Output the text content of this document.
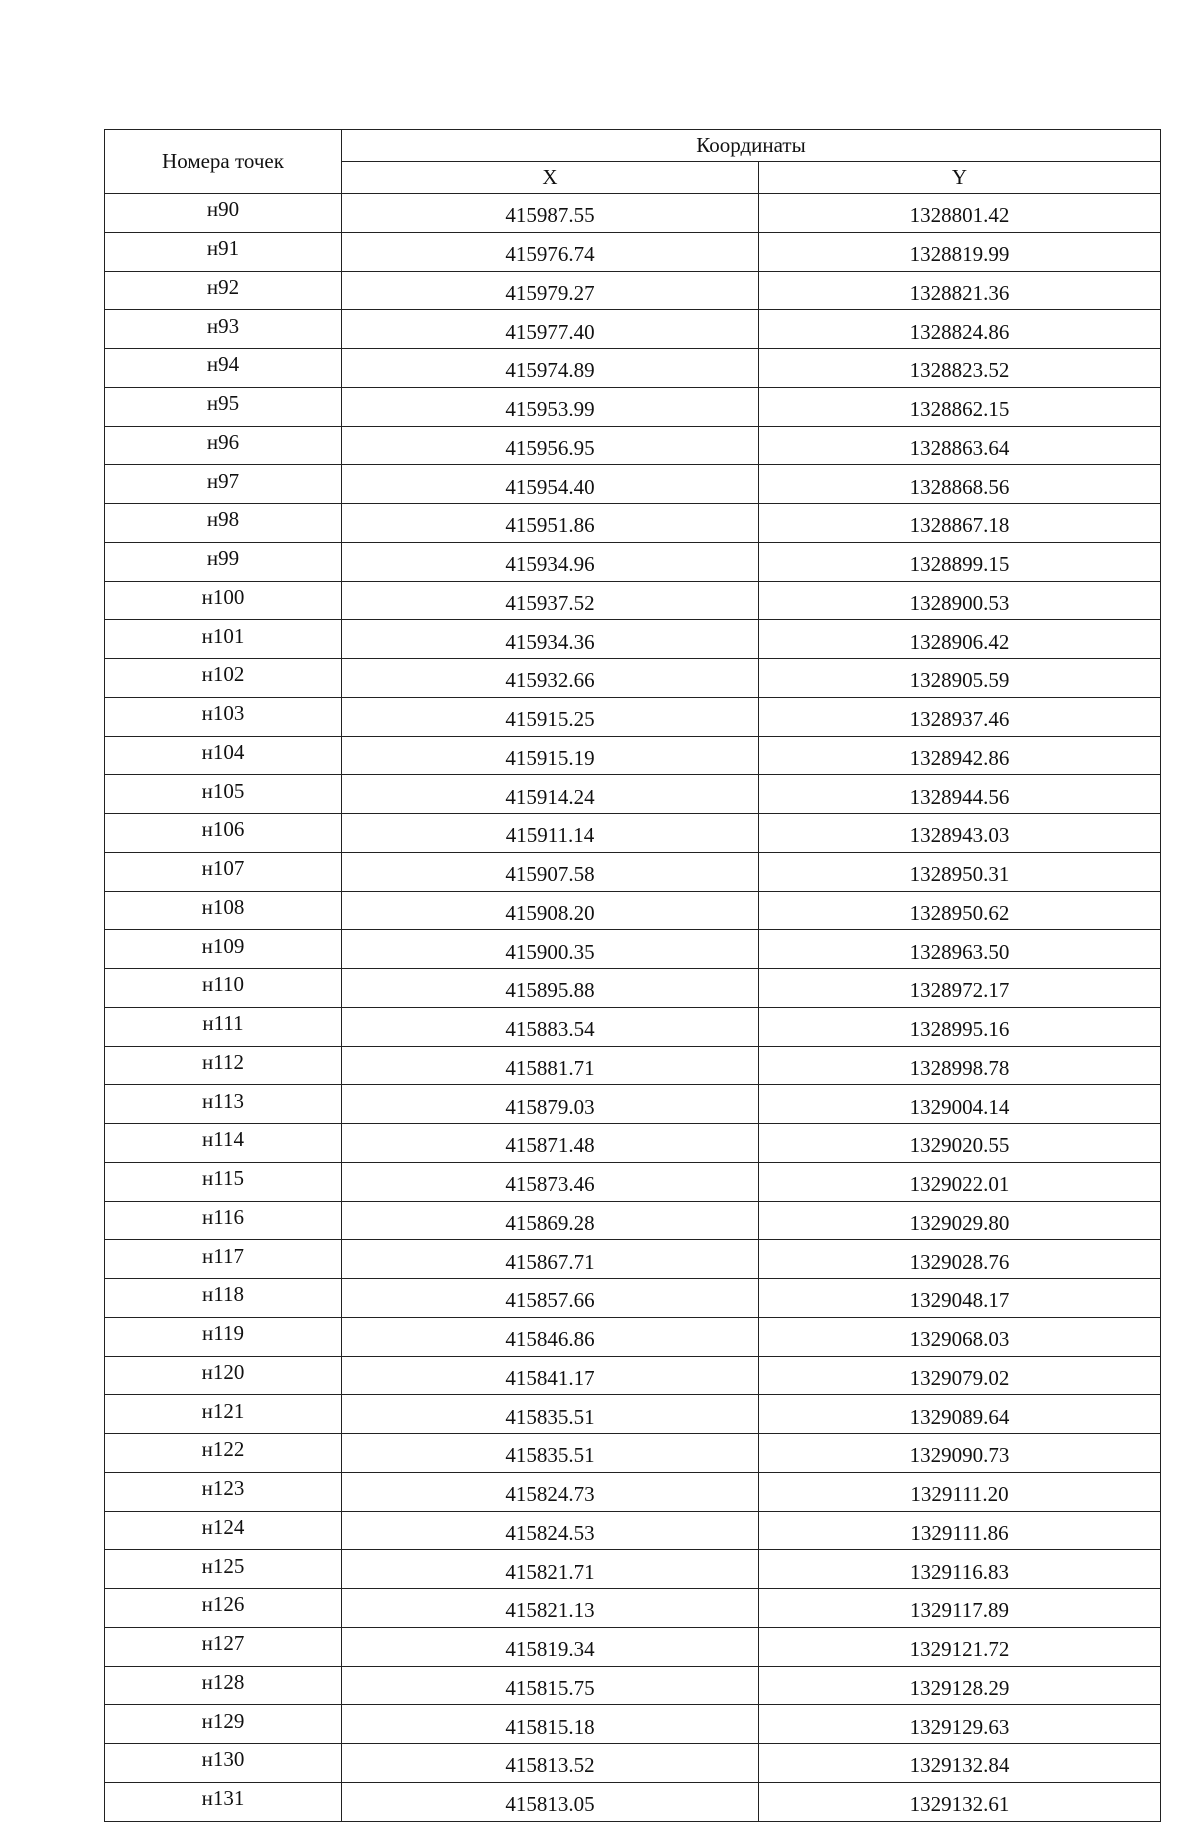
Номера точек	Координаты	
	X	Y
н90	415987.55	1328801.42
н91	415976.74	1328819.99
н92	415979.27	1328821.36
н93	415977.40	1328824.86
н94	415974.89	1328823.52
н95	415953.99	1328862.15
н96	415956.95	1328863.64
н97	415954.40	1328868.56
н98	415951.86	1328867.18
н99	415934.96	1328899.15
н100	415937.52	1328900.53
н101	415934.36	1328906.42
н102	415932.66	1328905.59
н103	415915.25	1328937.46
н104	415915.19	1328942.86
н105	415914.24	1328944.56
н106	415911.14	1328943.03
н107	415907.58	1328950.31
н108	415908.20	1328950.62
н109	415900.35	1328963.50
н110	415895.88	1328972.17
н111	415883.54	1328995.16
н112	415881.71	1328998.78
н113	415879.03	1329004.14
н114	415871.48	1329020.55
н115	415873.46	1329022.01
н116	415869.28	1329029.80
н117	415867.71	1329028.76
н118	415857.66	1329048.17
н119	415846.86	1329068.03
н120	415841.17	1329079.02
н121	415835.51	1329089.64
н122	415835.51	1329090.73
н123	415824.73	1329111.20
н124	415824.53	1329111.86
н125	415821.71	1329116.83
н126	415821.13	1329117.89
н127	415819.34	1329121.72
н128	415815.75	1329128.29
н129	415815.18	1329129.63
н130	415813.52	1329132.84
н131	415813.05	1329132.61
